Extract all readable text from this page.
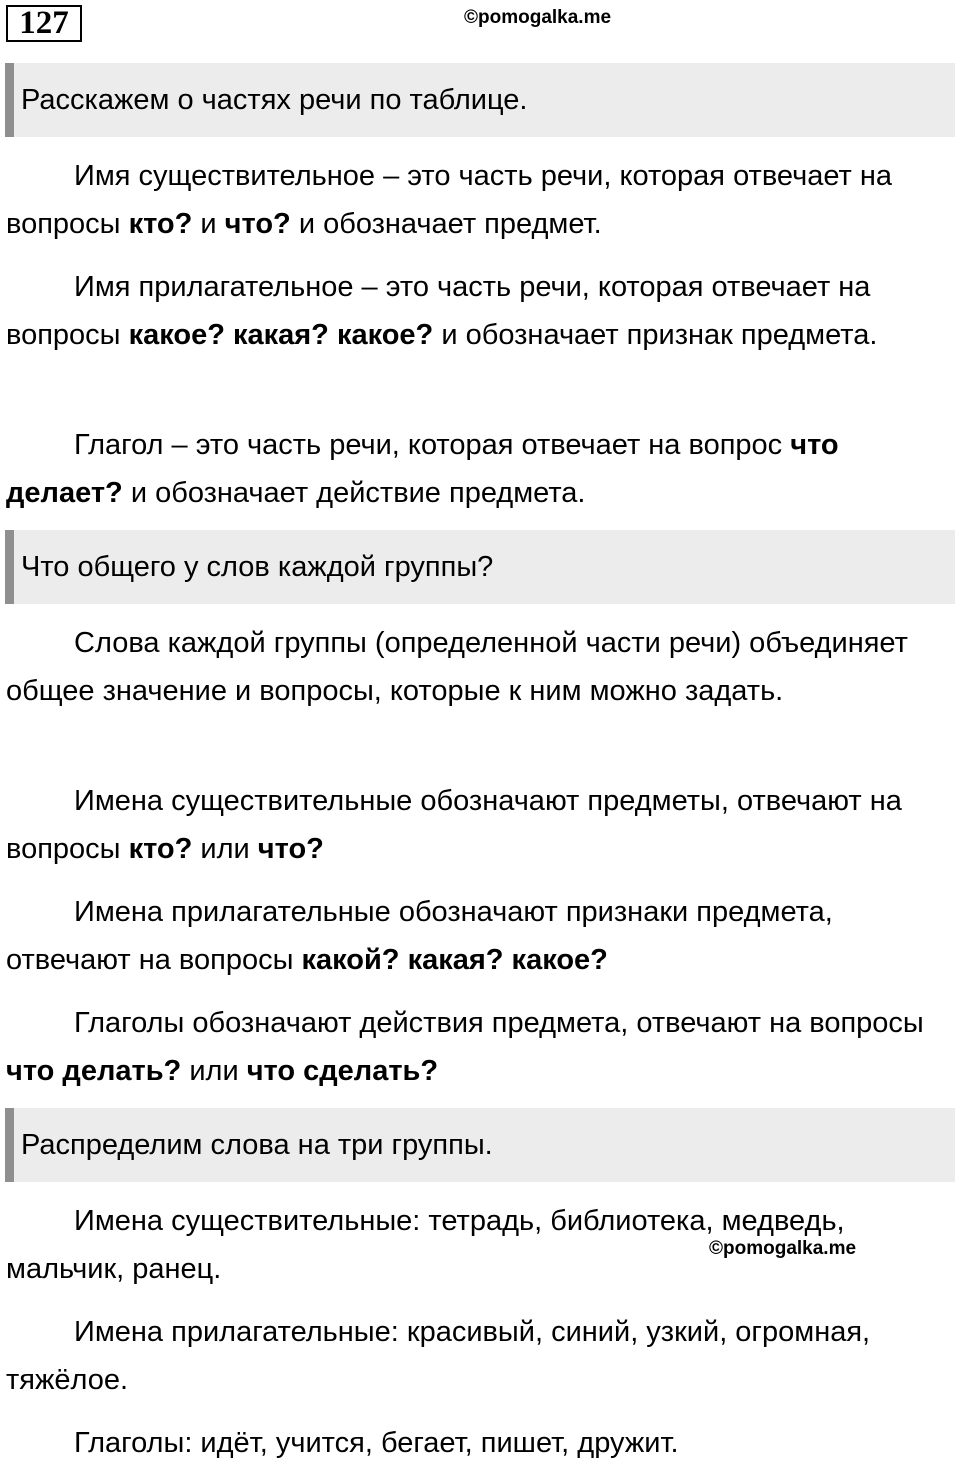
127	©pomogalka.me
Расскажем о частях речи по таблице.

Имя существительное – это часть речи, которая отвечает на вопросы кто? и что? и обозначает предмет.

Имя прилагательное – это часть речи, которая отвечает на вопросы какое? какая? какое? и обозначает признак предмета.

Глагол – это часть речи, которая отвечает на вопрос что делает? и обозначает действие предмета.

Что общего у слов каждой группы?

Слова каждой группы (определенной части речи) объединяет общее значение и вопросы, которые к ним можно задать.

Имена существительные обозначают предметы, отвечают на вопросы кто? или что?

Имена прилагательные обозначают признаки предмета, отвечают на вопросы какой? какая? какое?

Глаголы обозначают действия предмета, отвечают на вопросы что делать? или что сделать?

Распределим слова на три группы.

Имена существительные: тетрадь, библиотека, медведь, мальчик, ранец.

©pomogalka.me

Имена прилагательные: красивый, синий, узкий, огромная, тяжёлое.

Глаголы: идёт, учится, бегает, пишет, дружит.
